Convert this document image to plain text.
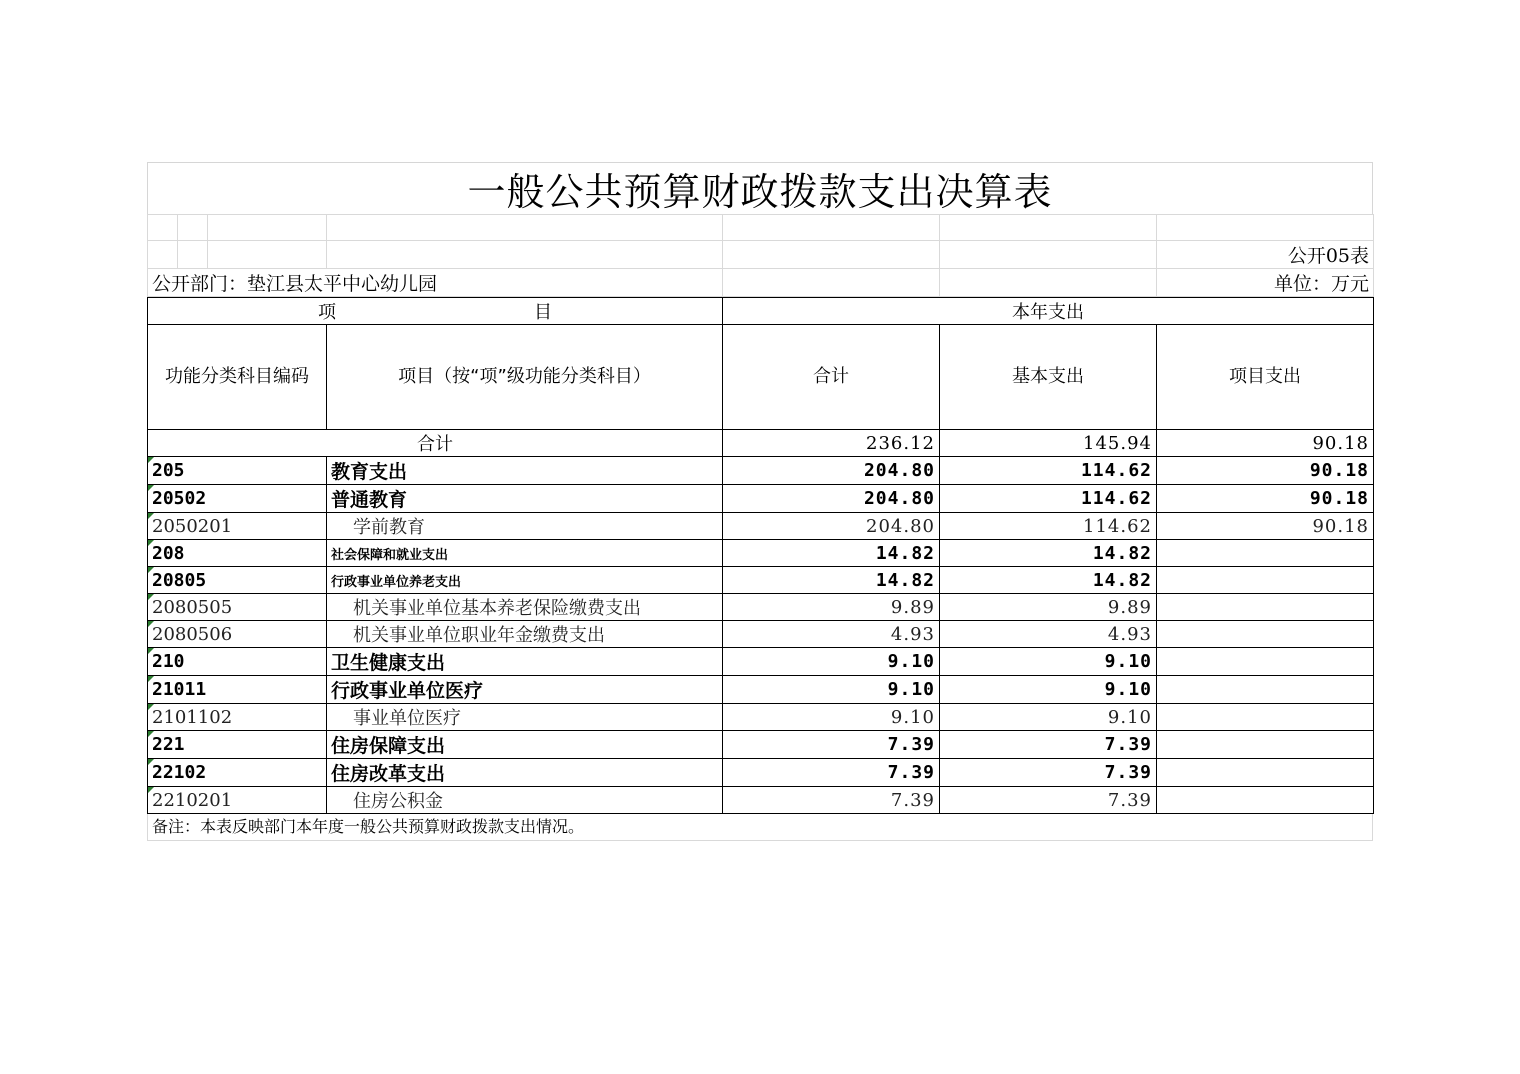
一般公共预算财政拨款支出决算表

						公开05表
公开部门：垫江县太平中心幼儿园						单位：万元
项　　　　　　　　　　　目		本年支出		
功能分类科目编码	项目（按“项”级功能分类科目）	合计	基本支出	项目支出
合计		236.12	145.94	90.18
205	教育支出	204.80	114.62	90.18
20502	普通教育	204.80	114.62	90.18
2050201	学前教育	204.80	114.62	90.18
208	社会保障和就业支出	14.82	14.82	
20805	行政事业单位养老支出	14.82	14.82	
2080505	机关事业单位基本养老保险缴费支出	9.89	9.89	
2080506	机关事业单位职业年金缴费支出	4.93	4.93	
210	卫生健康支出	9.10	9.10	
21011	行政事业单位医疗	9.10	9.10	
2101102	事业单位医疗	9.10	9.10	
221	住房保障支出	7.39	7.39	
22102	住房改革支出	7.39	7.39	
2210201	住房公积金	7.39	7.39	
备注：本表反映部门本年度一般公共预算财政拨款支出情况。
